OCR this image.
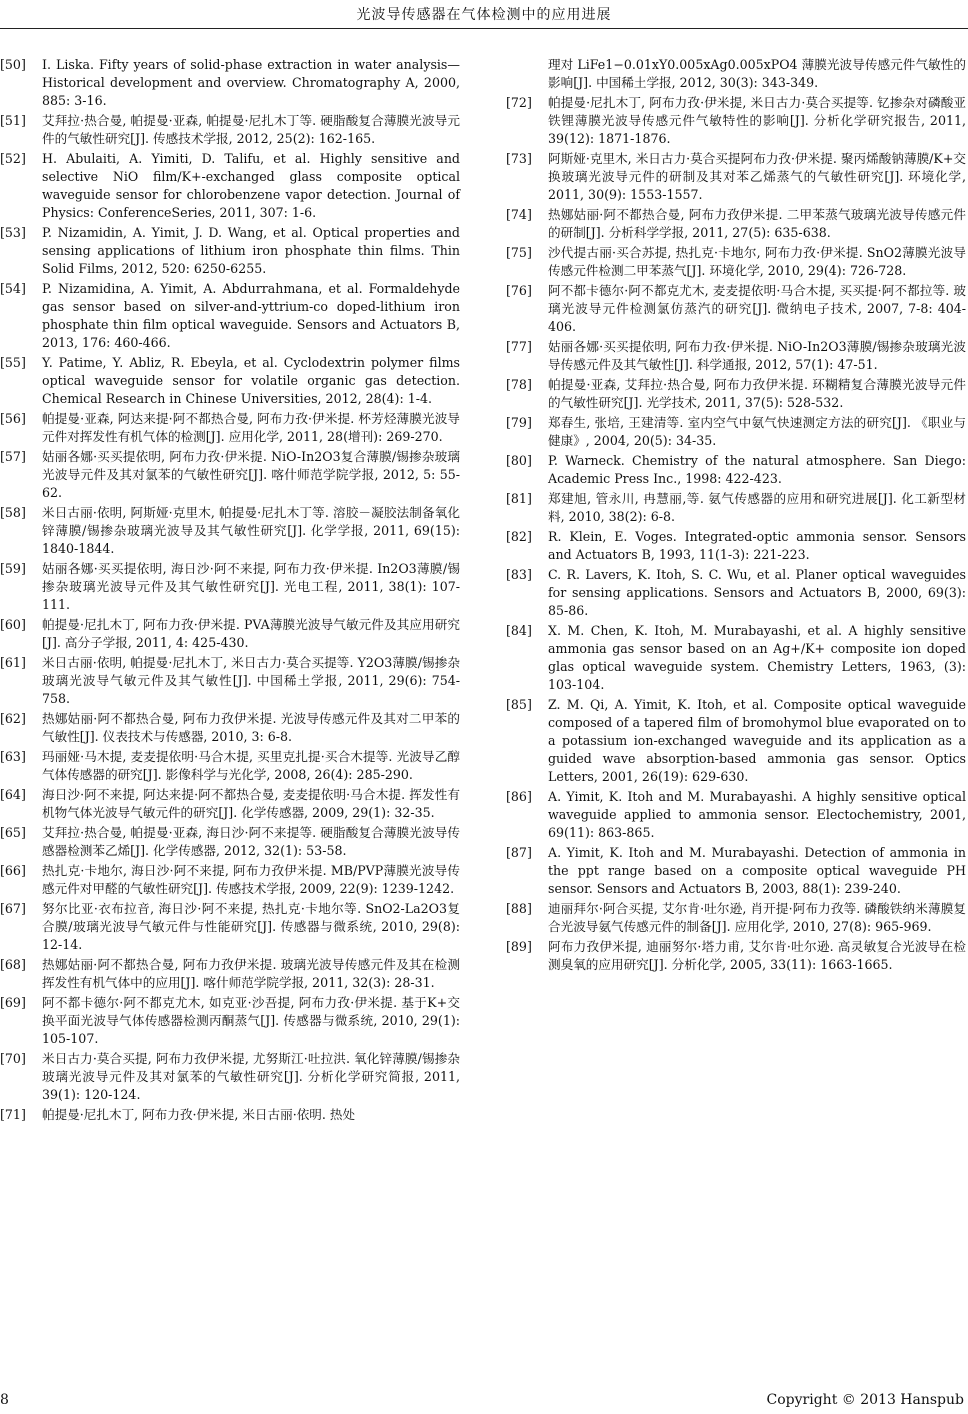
光波导传感器在气体检测中的应用进展
[50]	I. Liska. Fifty years of solid-phase extraction in water analysis—Historical development and overview. Chromatography A, 2000, 885: 3-16.
[51]	艾拜拉·热合曼, 帕提曼·亚森, 帕提曼·尼扎木丁等. 硬脂酸复合薄膜光波导元件的气敏性研究[J]. 传感技术学报, 2012, 25(2): 162-165.
[52]	H. Abulaiti, A. Yimiti, D. Talifu, et al. Highly sensitive and selective NiO film/K+-exchanged glass composite optical waveguide sensor for chlorobenzene vapor detection. Journal of Physics: ConferenceSeries, 2011, 307: 1-6.
[53]	P. Nizamidin, A. Yimit, J. D. Wang, et al. Optical properties and sensing applications of lithium iron phosphate thin films. Thin Solid Films, 2012, 520: 6250-6255.
[54]	P. Nizamidina, A. Yimit, A. Abdurrahmana, et al. Formaldehyde gas sensor based on silver-and-yttrium-co doped-lithium iron phosphate thin film optical waveguide. Sensors and Actuators B, 2013, 176: 460-466.
[55]	Y. Patime, Y. Abliz, R. Ebeyla, et al. Cyclodextrin polymer films optical waveguide sensor for volatile organic gas detection. Chemical Research in Chinese Universities, 2012, 28(4): 1-4.
[56]	帕提曼·亚森, 阿达来提·阿不都热合曼, 阿布力孜·伊米提. 杯芳烃薄膜光波导元件对挥发性有机气体的检测[J]. 应用化学, 2011, 28(增刊): 269-270.
[57]	姑丽各娜·买买提依明, 阿布力孜·伊米提. NiO-In2O3复合薄膜/锡掺杂玻璃光波导元件及其对氯苯的气敏性研究[J]. 喀什师范学院学报, 2012, 5: 55-62.
[58]	米日古丽·依明, 阿斯娅·克里木, 帕提曼·尼扎木丁等. 溶胶－凝胶法制备氧化锌薄膜/锡掺杂玻璃光波导及其气敏性研究[J]. 化学学报, 2011, 69(15): 1840-1844.
[59]	姑丽各娜·买买提依明, 海日沙·阿不来提, 阿布力孜·伊米提. In2O3薄膜/锡掺杂玻璃光波导元件及其气敏性研究[J]. 光电工程, 2011, 38(1): 107-111.
[60]	帕提曼·尼扎木丁, 阿布力孜·伊米提. PVA薄膜光波导气敏元件及其应用研究[J]. 高分子学报, 2011, 4: 425-430.
[61]	米日古丽·依明, 帕提曼·尼扎木丁, 米日古力·莫合买提等. Y2O3薄膜/锡掺杂玻璃光波导气敏元件及其气敏性[J]. 中国稀土学报, 2011, 29(6): 754-758.
[62]	热娜姑丽·阿不都热合曼, 阿布力孜伊米提. 光波导传感元件及其对二甲苯的气敏性[J]. 仪表技术与传感器, 2010, 3: 6-8.
[63]	玛丽娅·马木提, 麦麦提依明·马合木提, 买里克扎提·买合木提等. 光波导乙醇气体传感器的研究[J]. 影像科学与光化学, 2008, 26(4): 285-290.
[64]	海日沙·阿不来提, 阿达来提·阿不都热合曼, 麦麦提依明·马合木提. 挥发性有机物气体光波导气敏元件的研究[J]. 化学传感器, 2009, 29(1): 32-35.
[65]	艾拜拉·热合曼, 帕提曼·亚森, 海日沙·阿不来提等. 硬脂酸复合薄膜光波导传感器检测苯乙烯[J]. 化学传感器, 2012, 32(1): 53-58.
[66]	热扎克·卡地尔, 海日沙·阿不来提, 阿布力孜伊米提. MB/PVP薄膜光波导传感元件对甲醛的气敏性研究[J]. 传感技术学报, 2009, 22(9): 1239-1242.
[67]	努尔比亚·衣布拉音, 海日沙·阿不来提, 热扎克·卡地尔等. SnO2-La2O3复合膜/玻璃光波导气敏元件与性能研究[J]. 传感器与微系统, 2010, 29(8): 12-14.
[68]	热娜姑丽·阿不都热合曼, 阿布力孜伊米提. 玻璃光波导传感元件及其在检测挥发性有机气体中的应用[J]. 喀什师范学院学报, 2011, 32(3): 28-31.
[69]	阿不都卡德尔·阿不都克尤木, 如克亚·沙吾提, 阿布力孜·伊米提. 基于K+交换平面光波导气体传感器检测丙酮蒸气[J]. 传感器与微系统, 2010, 29(1): 105-107.
[70]	米日古力·莫合买提, 阿布力孜伊米提, 尤努斯江·吐拉洪. 氧化锌薄膜/锡掺杂玻璃光波导元件及其对氯苯的气敏性研究[J]. 分析化学研究简报, 2011, 39(1): 120-124.
[71]	帕提曼·尼扎木丁, 阿布力孜·伊米提, 米日古丽·依明. 热处
理对 LiFe1−0.01xY0.005xAg0.005xPO4 薄膜光波导传感元件气敏性的影响[J]. 中国稀土学报, 2012, 30(3): 343-349.
[72]	帕提曼·尼扎木丁, 阿布力孜·伊米提, 米日古力·莫合买提等. 钇掺杂对磷酸亚铁锂薄膜光波导传感元件气敏特性的影响[J]. 分析化学研究报告, 2011, 39(12): 1871-1876.
[73]	阿斯娅·克里木, 米日古力·莫合买提阿布力孜·伊米提. 聚丙烯酸钠薄膜/K+交换玻璃光波导元件的研制及其对苯乙烯蒸气的气敏性研究[J]. 环境化学, 2011, 30(9): 1553-1557.
[74]	热娜姑丽·阿不都热合曼, 阿布力孜伊米提. 二甲苯蒸气玻璃光波导传感元件的研制[J]. 分析科学学报, 2011, 27(5): 635-638.
[75]	沙代提古丽·买合苏提, 热扎克·卡地尔, 阿布力孜·伊米提. SnO2薄膜光波导传感元件检测二甲苯蒸气[J]. 环境化学, 2010, 29(4): 726-728.
[76]	阿不都卡德尔·阿不都克尤木, 麦麦提依明·马合木提, 买买提·阿不都拉等. 玻璃光波导元件检测氯仿蒸汽的研究[J]. 微纳电子技术, 2007, 7-8: 404-406.
[77]	姑丽各娜·买买提依明, 阿布力孜·伊米提. NiO-In2O3薄膜/锡掺杂玻璃光波导传感元件及其气敏性[J]. 科学通报, 2012, 57(1): 47-51.
[78]	帕提曼·亚森, 艾拜拉·热合曼, 阿布力孜伊米提. 环糊精复合薄膜光波导元件的气敏性研究[J]. 光学技术, 2011, 37(5): 528-532.
[79]	郑春生, 张培, 王建清等. 室内空气中氨气快速测定方法的研究[J]. 《职业与健康》, 2004, 20(5): 34-35.
[80]	P. Warneck. Chemistry of the natural atmosphere. San Diego: Academic Press Inc., 1998: 422-423.
[81]	郑建旭, 管永川, 冉慧丽,等. 氨气传感器的应用和研究进展[J]. 化工新型材料, 2010, 38(2): 6-8.
[82]	R. Klein, E. Voges. Integrated-optic ammonia sensor. Sensors and Actuators B, 1993, 11(1-3): 221-223.
[83]	C. R. Lavers, K. Itoh, S. C. Wu, et al. Planer optical waveguides for sensing applications. Sensors and Actuators B, 2000, 69(3): 85-86.
[84]	X. M. Chen, K. Itoh, M. Murabayashi, et al. A highly sensitive ammonia gas sensor based on an Ag+/K+ composite ion doped glas optical waveguide system. Chemistry Letters, 1963, (3): 103-104.
[85]	Z. M. Qi, A. Yimit, K. Itoh, et al. Composite optical waveguide composed of a tapered film of bromohymol blue evaporated on to a potassium ion-exchanged waveguide and its application as a guided wave absorption-based ammonia gas sensor. Optics Letters, 2001, 26(19): 629-630.
[86]	A. Yimit, K. Itoh and M. Murabayashi. A highly sensitive optical waveguide applied to ammonia sensor. Electochemistry, 2001, 69(11): 863-865.
[87]	A. Yimit, K. Itoh and M. Murabayashi. Detection of ammonia in the ppt range based on a composite optical waveguide PH sensor. Sensors and Actuators B, 2003, 88(1): 239-240.
[88]	迪丽拜尔·阿合买提, 艾尔肯·吐尔逊, 肖开提·阿布力孜等. 磷酸铁纳米薄膜复合光波导氨气传感元件的制备[J]. 应用化学, 2010, 27(8): 965-969.
[89]	阿布力孜伊米提, 迪丽努尔·塔力甫, 艾尔肯·吐尔逊. 高灵敏复合光波导在检测臭氧的应用研究[J]. 分析化学, 2005, 33(11): 1663-1665.
8	Copyright © 2013 Hanspub
